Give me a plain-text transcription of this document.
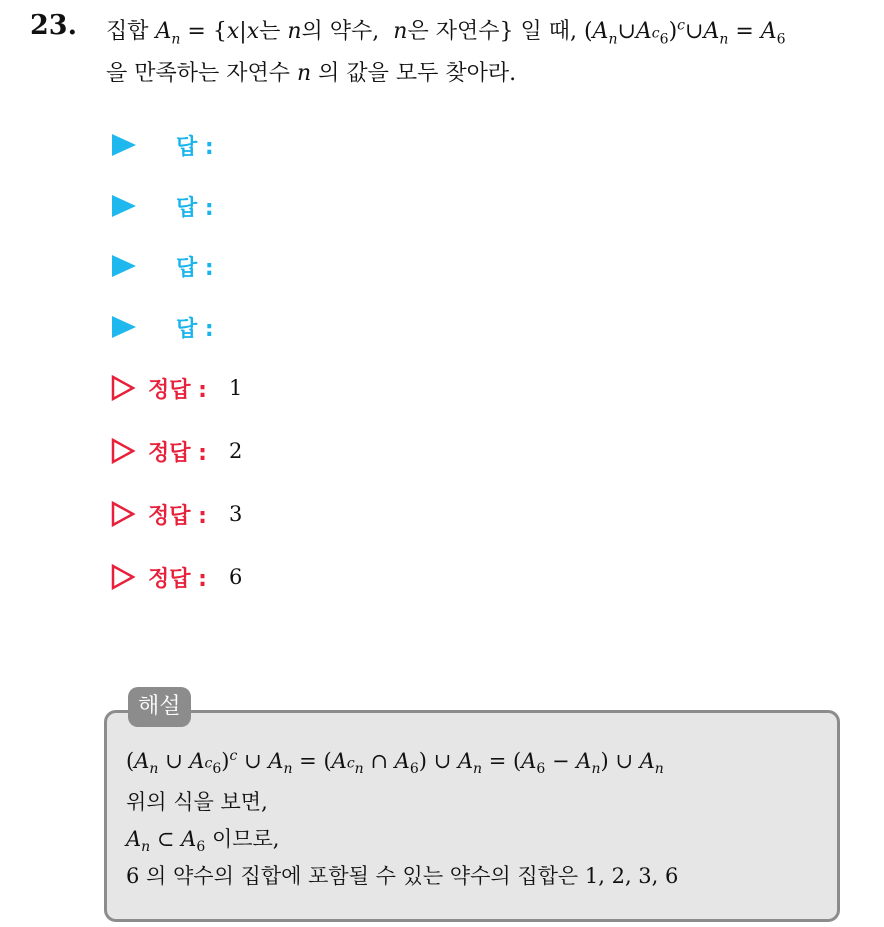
23. 집합 $A_n = \{x|x$는 n의 약수,  n은 자연수} 일 때, $(A_n\cup A_{^c6})^c\cup A_n = A_6$
을 만족하는 자연수 n 의 값을 모두 찾아라.
답 :
답 :
답 :
답 :
정답 : 1
정답 : 2
정답 : 3
정답 : 6
해설
($A_n$ ∪ $A_{^c6})^c$ ∪ $A_n = (A_{^cn}$ ∩ $A_6$) ∪ $A_n = (A_6 - A_n)$ ∪ $A_n$
위의 식을 보면,
$A_n$ ⊂ $A_6$ 이므로,
6 의 약수의 집합에 포함될 수 있는 약수의 집합은 1, 2, 3, 6
